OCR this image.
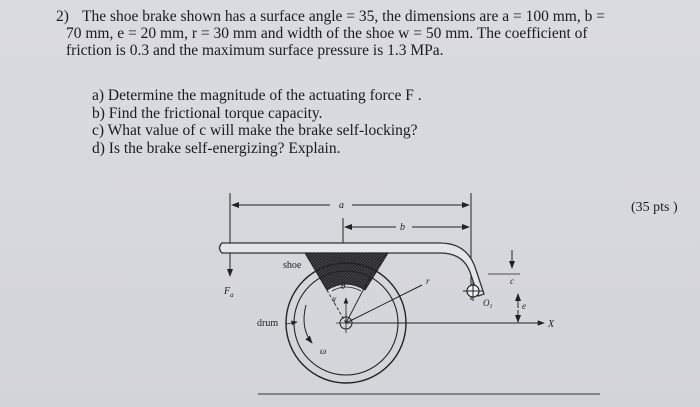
2) The shoe brake shown has a surface angle = 35, the dimensions are a = 100 mm, b =
70 mm, e = 20 mm, r = 30 mm and width of the shoe w = 50 mm. The coefficient of
friction is 0.3 and the maximum surface pressure is 1.3 MPa.
a) Determine the magnitude of the actuating force F .
b) Find the frictional torque capacity.
c) What value of c will make the brake self-locking?
d) Is the brake self-energizing? Explain.
(35 pts )
a
b
shoe
$F_a$
$O_1$
c
e
X
r
drum
θ
γ
ω
